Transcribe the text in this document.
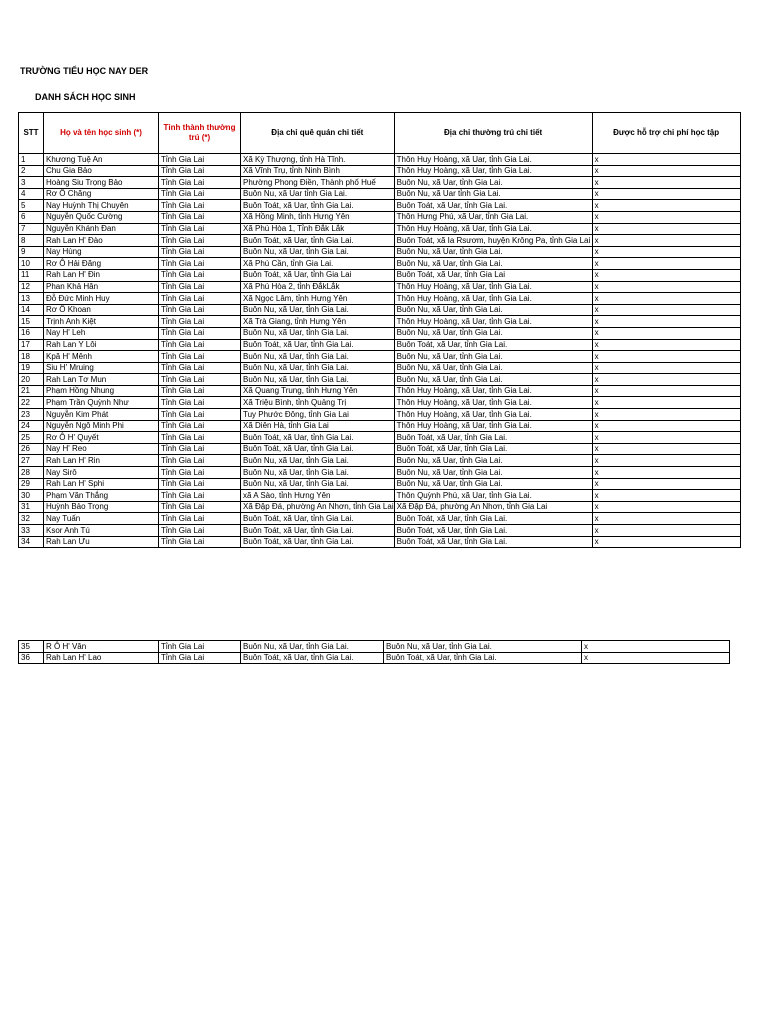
TRƯỜNG TIỂU HỌC NAY DER
DANH SÁCH HỌC SINH
STT	Họ và tên học sinh (*)	Tỉnh thành thường trú (*)	Địa chỉ quê quán chi tiết	Địa chỉ thường trú chi tiết	Được hỗ trợ chi phí học tập
1	Khương Tuệ An	Tỉnh Gia Lai	Xã Kỳ Thượng, tỉnh Hà Tĩnh.	Thôn Huy Hoàng, xã Uar, tỉnh Gia Lai.	x
2	Chu Gia Bảo	Tỉnh Gia Lai	Xã Vĩnh Trụ, tỉnh Ninh Bình	Thôn Huy Hoàng, xã Uar, tỉnh Gia Lai.	x
3	Hoàng Siu Trọng Bảo	Tỉnh Gia Lai	Phường Phong Điền, Thành phố Huế	Buôn Nu, xã Uar, tỉnh Gia Lai.	x
4	Rơ Ô Chăng	Tỉnh Gia Lai	Buôn Nu, xã Uar tỉnh Gia Lai.	Buôn Nu, xã Uar tỉnh Gia Lai.	x
5	Nay Huỳnh Thị Chuyên	Tỉnh Gia Lai	Buôn Toát, xã Uar, tỉnh Gia Lai.	Buôn Toát, xã Uar, tỉnh Gia Lai.	x
6	Nguyễn Quốc Cường	Tỉnh Gia Lai	Xã Hồng Minh, tỉnh Hưng Yên	Thôn Hưng Phú, xã Uar, tỉnh Gia Lai.	x
7	Nguyễn Khánh Đan	Tỉnh Gia Lai	Xã Phú Hòa 1, Tỉnh Đắk Lắk	Thôn Huy Hoàng, xã Uar, tỉnh Gia Lai.	x
8	Rah Lan H' Đào	Tỉnh Gia Lai	Buôn Toát, xã Uar, tỉnh Gia Lai.	Buôn Toát, xã Ia Rsươm, huyện Krông Pa, tỉnh Gia Lai	x
9	Nay Hùng	Tỉnh Gia Lai	Buôn Nu, xã Uar, tỉnh Gia Lai.	Buôn Nu, xã Uar, tỉnh Gia Lai.	x
10	Rơ Ô Hải Đăng	Tỉnh Gia Lai	Xã Phú Cần, tỉnh Gia Lai.	Buôn Nu, xã Uar, tỉnh Gia Lai.	x
11	Rah Lan H' Đin	Tỉnh Gia Lai	Buôn Toát, xã Uar, tỉnh Gia Lai	Buôn Toát, xã Uar, tỉnh Gia Lai	x
12	Phan Khả Hân	Tỉnh Gia Lai	Xã Phú Hòa 2, tỉnh ĐắkLắk	Thôn Huy Hoàng, xã Uar, tỉnh Gia Lai.	x
13	Đỗ Đức Minh Huy	Tỉnh Gia Lai	Xã Ngọc Lâm, tỉnh Hưng Yên	Thôn Huy Hoàng, xã Uar, tỉnh Gia Lai.	x
14	Rơ Ô Khoan	Tỉnh Gia Lai	Buôn Nu, xã Uar, tỉnh Gia Lai.	Buôn Nu, xã Uar, tỉnh Gia Lai.	x
15	Trịnh Anh Kiệt	Tỉnh Gia Lai	Xã Trà Giang, tỉnh Hưng Yên	Thôn Huy Hoàng, xã Uar, tỉnh Gia Lai.	x
16	Nay H' Leh	Tỉnh Gia Lai	Buôn Nu, xã Uar, tỉnh Gia Lai.	Buôn Nu, xã Uar, tỉnh Gia Lai.	x
17	Rah Lan Y Lôi	Tỉnh Gia Lai	Buôn Toát, xã Uar, tỉnh Gia Lai.	Buôn Toát, xã Uar, tỉnh Gia Lai.	x
18	Kpă H' Mênh	Tỉnh Gia Lai	Buôn Nu, xã Uar, tỉnh Gia Lai.	Buôn Nu, xã Uar, tỉnh Gia Lai.	x
19	Siu H' Mruing	Tỉnh Gia Lai	Buôn Nu, xã Uar, tỉnh Gia Lai.	Buôn Nu, xã Uar, tỉnh Gia Lai.	x
20	Rah Lan Tơ Mun	Tỉnh Gia Lai	Buôn Nu, xã Uar, tỉnh Gia Lai.	Buôn Nu, xã Uar, tỉnh Gia Lai.	x
21	Phạm Hồng Nhung	Tỉnh Gia Lai	Xã Quang Trung, tỉnh Hưng Yên	Thôn Huy Hoàng, xã Uar, tỉnh Gia Lai.	x
22	Phạm Trần Quỳnh Như	Tỉnh Gia Lai	Xã Triệu Bình, tỉnh Quảng Trị	Thôn Huy Hoàng, xã Uar, tỉnh Gia Lai.	x
23	Nguyễn Kim Phát	Tỉnh Gia Lai	Tuy Phước Đông, tỉnh Gia Lai	Thôn Huy Hoàng, xã Uar, tỉnh Gia Lai.	x
24	Nguyễn Ngô Minh Phi	Tỉnh Gia Lai	Xã Diên Hà, tỉnh Gia Lai	Thôn Huy Hoàng, xã Uar, tỉnh Gia Lai.	x
25	Rơ Ô H' Quyết	Tỉnh Gia Lai	Buôn Toát, xã Uar, tỉnh Gia Lai.	Buôn Toát, xã Uar, tỉnh Gia Lai.	x
26	Nay H' Reo	Tỉnh Gia Lai	Buôn Toát, xã Uar, tỉnh Gia Lai.	Buôn Toát, xã Uar, tỉnh Gia Lai.	x
27	Rah Lan H' Rin	Tỉnh Gia Lai	Buôn Nu, xã Uar, tỉnh Gia Lai.	Buôn Nu, xã Uar, tỉnh Gia Lai.	x
28	Nay Sirô	Tỉnh Gia Lai	Buôn Nu, xã Uar, tỉnh Gia Lai.	Buôn Nu, xã Uar, tỉnh Gia Lai.	x
29	Rah Lan H' Sphi	Tỉnh Gia Lai	Buôn Nu, xã Uar, tỉnh Gia Lai.	Buôn Nu, xã Uar, tỉnh Gia Lai.	x
30	Phạm Văn Thắng	Tỉnh Gia Lai	xã A Sào, tỉnh Hưng Yên	Thôn Quỳnh Phú, xã Uar, tỉnh Gia Lai.	x
31	Huỳnh Bảo Trọng	Tỉnh Gia Lai	Xã Đập Đá, phường An Nhơn, tỉnh Gia Lai	Xã Đập Đá, phường An Nhơn, tỉnh Gia Lai	x
32	Nay Tuấn	Tỉnh Gia Lai	Buôn Toát, xã Uar, tỉnh Gia Lai.	Buôn Toát, xã Uar, tỉnh Gia Lai.	x
33	Ksor Anh Tú	Tỉnh Gia Lai	Buôn Toát, xã Uar, tỉnh Gia Lai.	Buôn Toát, xã Uar, tỉnh Gia Lai.	x
34	Rah Lan Ưu	Tỉnh Gia Lai	Buôn Toát, xã Uar, tỉnh Gia Lai.	Buôn Toát, xã Uar, tỉnh Gia Lai.	x
35	R Ô H' Vân	Tỉnh Gia Lai	Buôn Nu, xã Uar, tỉnh Gia Lai.	Buôn Nu, xã Uar, tỉnh Gia Lai.	x
36	Rah Lan H' Lao	Tỉnh Gia Lai	Buôn Toát, xã Uar, tỉnh Gia Lai.	Buôn Toát, xã Uar, tỉnh Gia Lai.	x
